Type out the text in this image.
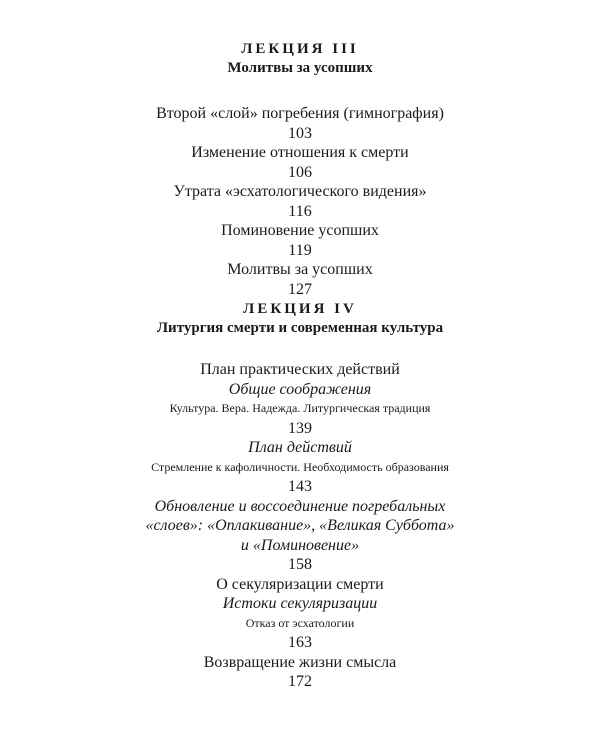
ЛЕКЦИЯ III

Молитвы за усопших

Второй «слой» погребения (гимнография)

103

Изменение отношения к смерти

106

Утрата «эсхатологического видения»

116

Поминовение усопших

119

Молитвы за усопших

127

ЛЕКЦИЯ IV

Литургия смерти и современная культура

План практических действий

Общие соображения

Культура. Вера. Надежда. Литургическая традиция

139

План действий

Стремление к кафоличности. Необходимость образования

143

Обновление и воссоединение погребальных

«слоев»: «Оплакивание», «Великая Суббота»

и «Поминовение»

158

О секуляризации смерти

Истоки секуляризации

Отказ от эсхатологии

163

Возвращение жизни смысла

172
